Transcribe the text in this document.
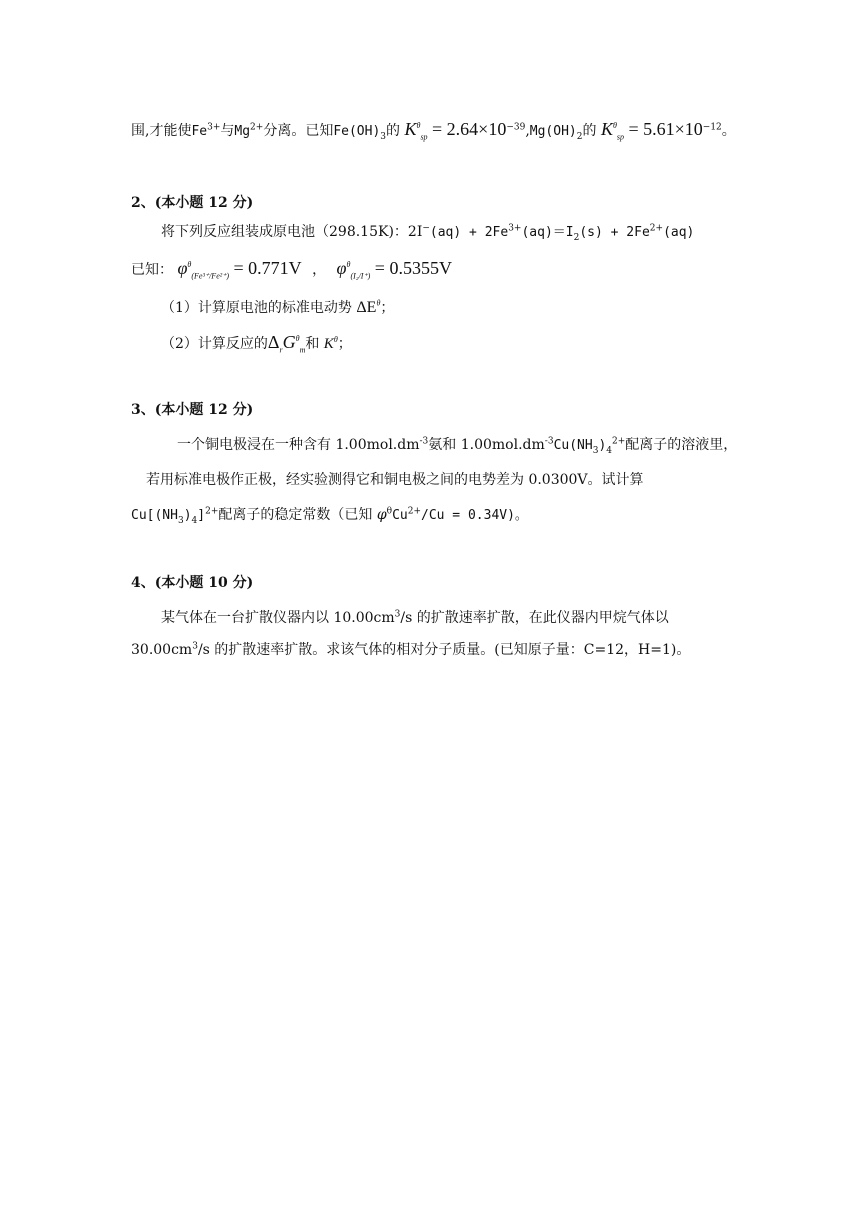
围,才能使$Fe^{3+}$与$Mg^{2+}$分离。已知$Fe(OH)_3$的 $K^\theta_{sp} = 2.64\times 10^{-39},Mg(OH)_2$的 $K^\theta_{sp} = 5.61\times 10^{-12}$。
2、(本小题 12 分)
将下列反应组装成原电池（298.15K)：$2I^-(aq) + 2Fe^{3+}(aq)=I_2(s) + 2Fe^{2+}(aq)$
已知： $\varphi^\theta_{(Fe^{3+}/Fe^{2+})} = 0.771V$ ， $\varphi^\theta_{(I_2/I^+)} = 0.5355V$
（1）计算原电池的标准电动势 $\Delta E^\theta$；
（2）计算反应的$\Delta_rG^\theta_m$和 $K^\theta$；
3、(本小题 12 分)
一个铜电极浸在一种含有 $1.00mol.dm^{-3}$氨和 $1.00mol.dm^{-3}Cu(NH_3)_4^{2+}$配离子的溶液里，
若用标准电极作正极，经实验测得它和铜电极之间的电势差为 0.0300V。试计算
$Cu[(NH_3)_4]^{2+}$配离子的稳定常数（已知 $\varphi^\theta Cu^{2+}/Cu = 0.34V$)。
4、(本小题 10 分)
某气体在一台扩散仪器内以 $10.00cm^3/s$ 的扩散速率扩散，在此仪器内甲烷气体以
$30.00cm^3/s$ 的扩散速率扩散。求该气体的相对分子质量。(已知原子量：C=12，H=1)。
